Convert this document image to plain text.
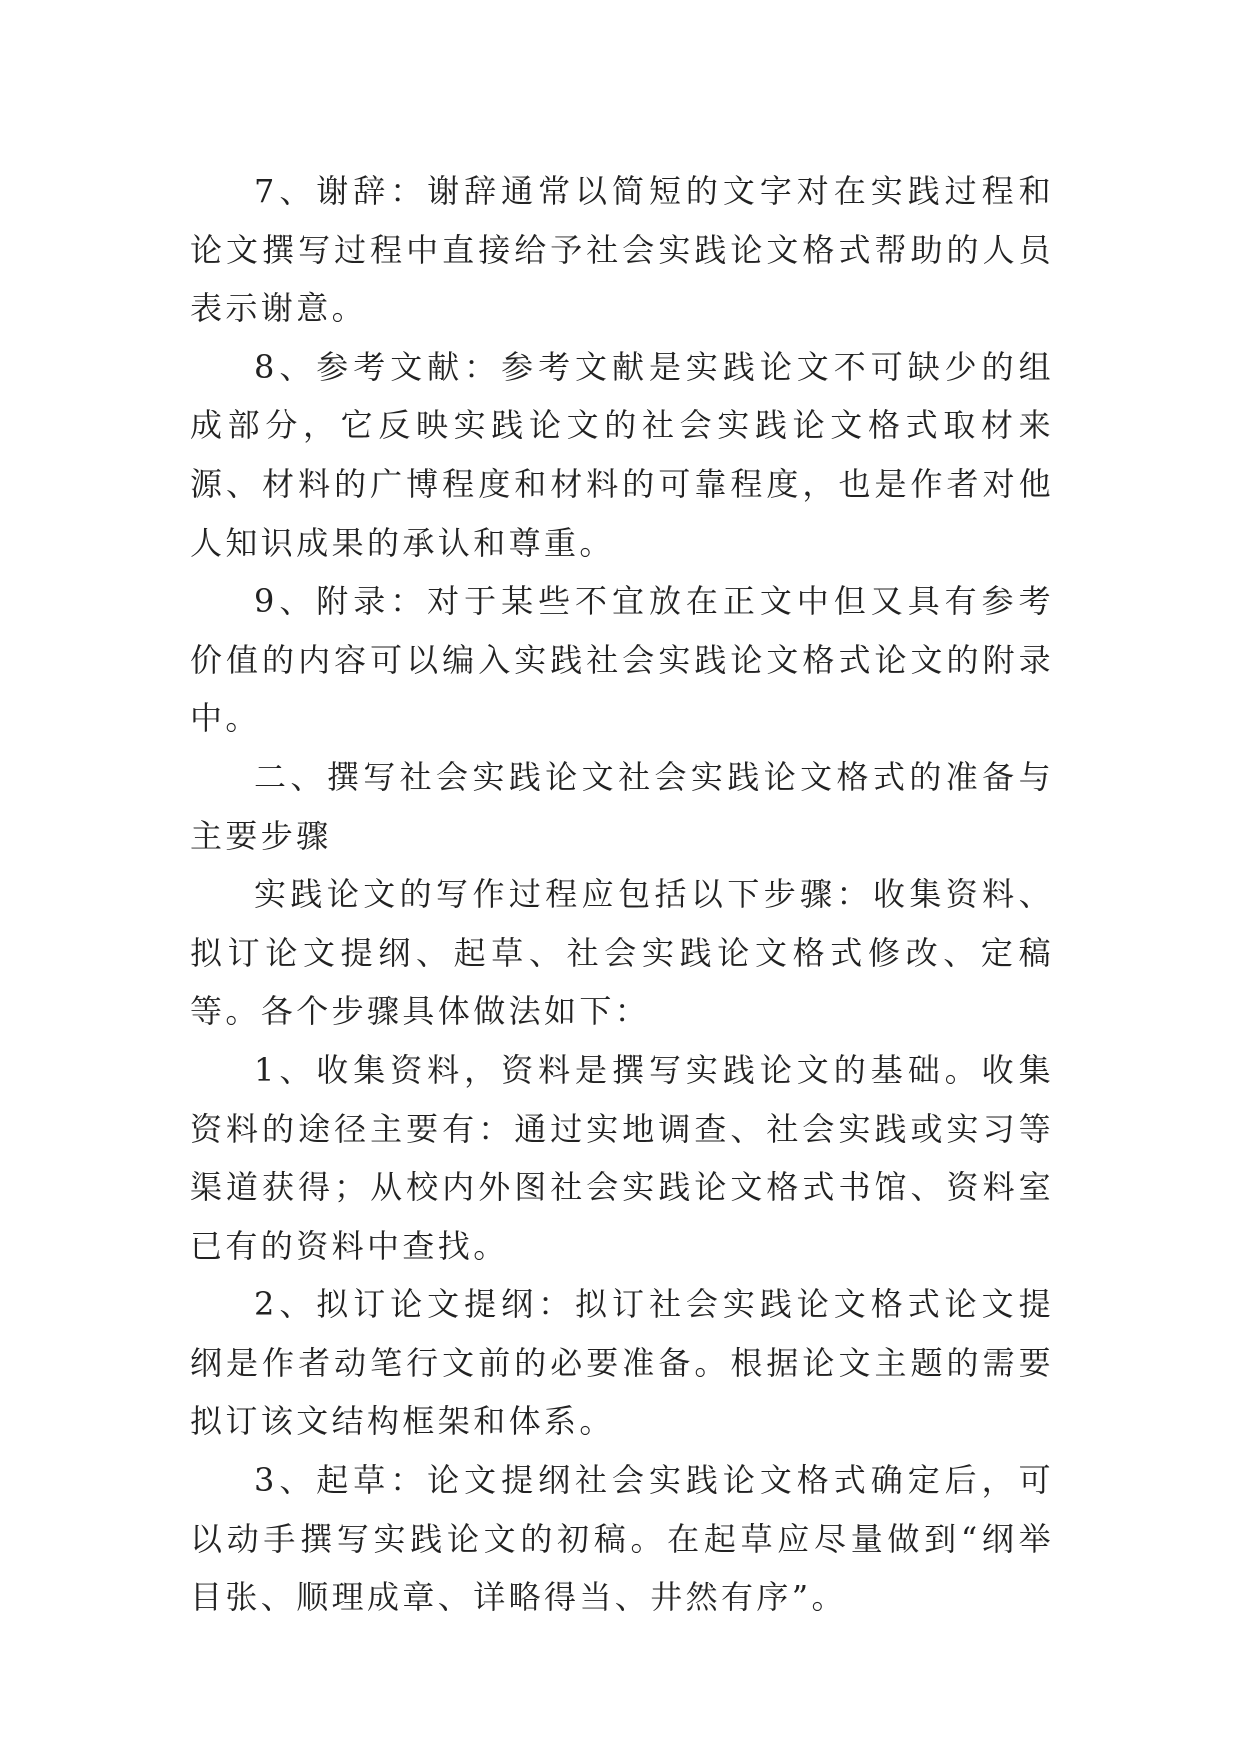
7、谢辞：谢辞通常以简短的文字对在实践过程和论文撰写过程中直接给予社会实践论文格式帮助的人员表示谢意。

8、参考文献：参考文献是实践论文不可缺少的组成部分，它反映实践论文的社会实践论文格式取材来源、材料的广博程度和材料的可靠程度，也是作者对他人知识成果的承认和尊重。

9、附录：对于某些不宜放在正文中但又具有参考价值的内容可以编入实践社会实践论文格式论文的附录中。

二、撰写社会实践论文社会实践论文格式的准备与主要步骤

实践论文的写作过程应包括以下步骤：收集资料、拟订论文提纲、起草、社会实践论文格式修改、定稿等。各个步骤具体做法如下：

1、收集资料，资料是撰写实践论文的基础。收集资料的途径主要有：通过实地调查、社会实践或实习等渠道获得；从校内外图社会实践论文格式书馆、资料室已有的资料中查找。

2、拟订论文提纲：拟订社会实践论文格式论文提纲是作者动笔行文前的必要准备。根据论文主题的需要拟订该文结构框架和体系。

3、起草：论文提纲社会实践论文格式确定后，可以动手撰写实践论文的初稿。在起草应尽量做到“纲举目张、顺理成章、详略得当、井然有序”。
